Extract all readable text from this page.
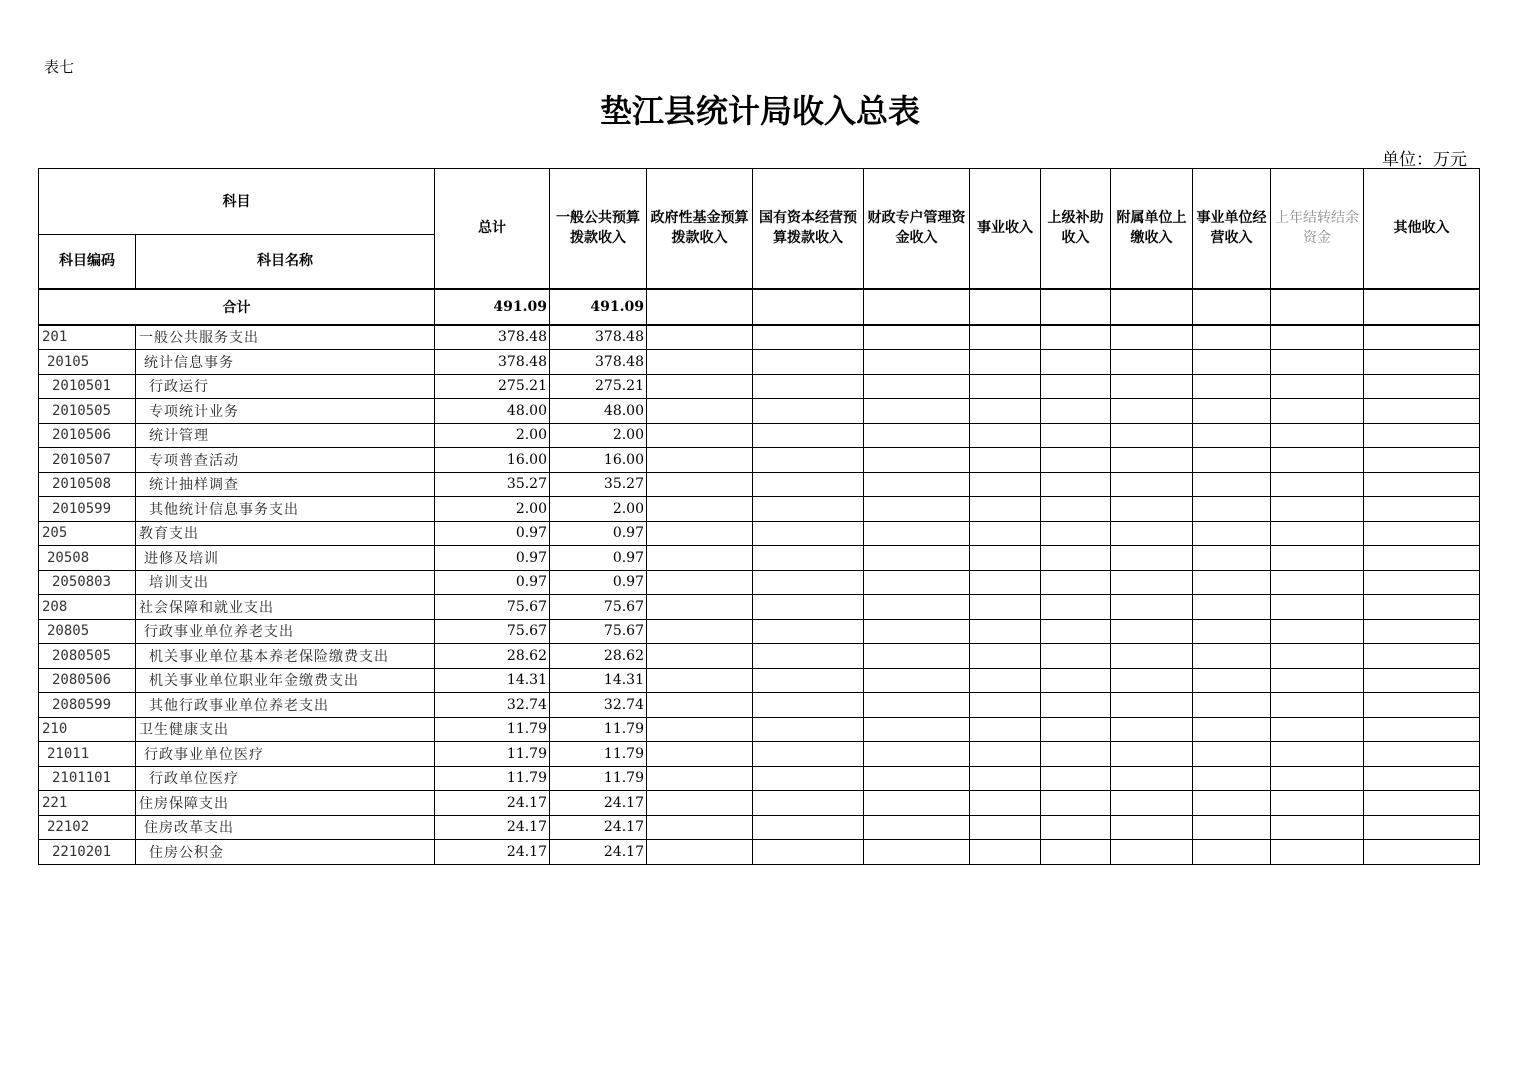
表七
垫江县统计局收入总表
单位：万元
科目		总计	一般公共预算拨款收入	政府性基金预算拨款收入	国有资本经营预算拨款收入	财政专户管理资金收入	事业收入	上级补助收入	附属单位上缴收入	事业单位经营收入	上年结转结余资金	其他收入
科目编码	科目名称											
合计		491.09	491.09									
201	一般公共服务支出	378.48	378.48									
20105	统计信息事务	378.48	378.48									
2010501	行政运行	275.21	275.21									
2010505	专项统计业务	48.00	48.00									
2010506	统计管理	2.00	2.00									
2010507	专项普查活动	16.00	16.00									
2010508	统计抽样调查	35.27	35.27									
2010599	其他统计信息事务支出	2.00	2.00									
205	教育支出	0.97	0.97									
20508	进修及培训	0.97	0.97									
2050803	培训支出	0.97	0.97									
208	社会保障和就业支出	75.67	75.67									
20805	行政事业单位养老支出	75.67	75.67									
2080505	机关事业单位基本养老保险缴费支出	28.62	28.62									
2080506	机关事业单位职业年金缴费支出	14.31	14.31									
2080599	其他行政事业单位养老支出	32.74	32.74									
210	卫生健康支出	11.79	11.79									
21011	行政事业单位医疗	11.79	11.79									
2101101	行政单位医疗	11.79	11.79									
221	住房保障支出	24.17	24.17									
22102	住房改革支出	24.17	24.17									
2210201	住房公积金	24.17	24.17									
